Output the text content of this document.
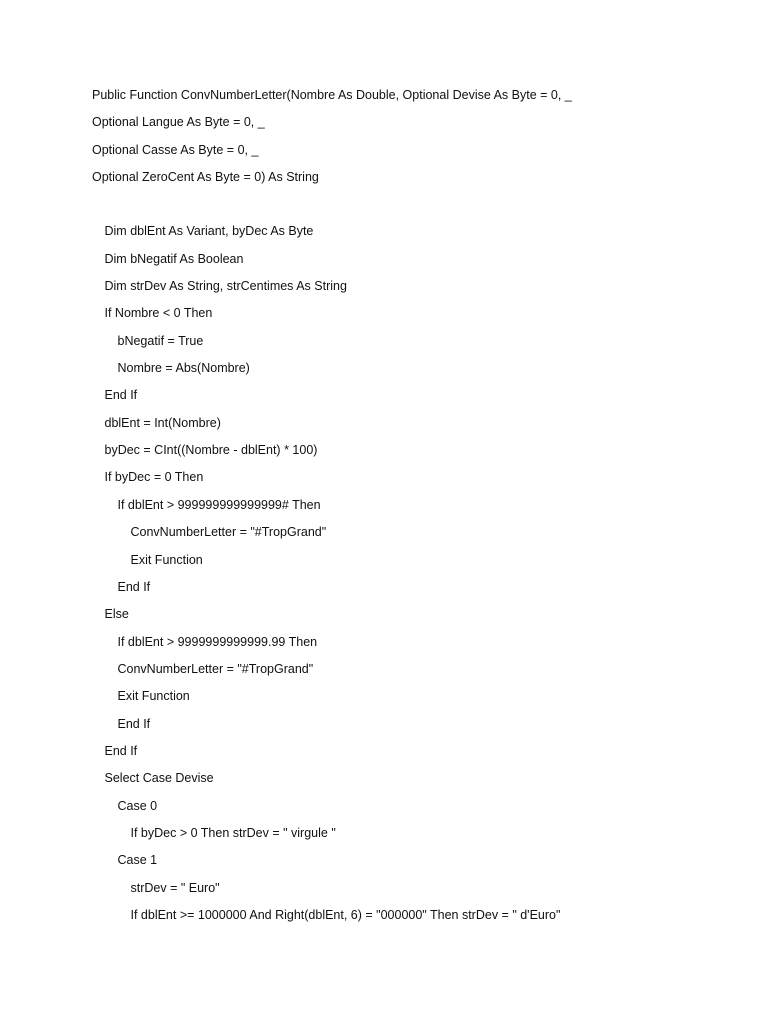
Public Function ConvNumberLetter(Nombre As Double, Optional Devise As Byte = 0, _
Optional Langue As Byte = 0, _
Optional Casse As Byte = 0, _
Optional ZeroCent As Byte = 0) As String
Dim dblEnt As Variant, byDec As Byte
Dim bNegatif As Boolean
Dim strDev As String, strCentimes As String
If Nombre < 0 Then
bNegatif = True
Nombre = Abs(Nombre)
End If
dblEnt = Int(Nombre)
byDec = CInt((Nombre - dblEnt) * 100)
If byDec = 0 Then
If dblEnt > 999999999999999# Then
ConvNumberLetter = "#TropGrand"
Exit Function
End If
Else
If dblEnt > 9999999999999.99 Then
ConvNumberLetter = "#TropGrand"
Exit Function
End If
End If
Select Case Devise
Case 0
If byDec > 0 Then strDev = " virgule "
Case 1
strDev = " Euro"
If dblEnt >= 1000000 And Right(dblEnt, 6) = "000000" Then strDev = " d'Euro"
